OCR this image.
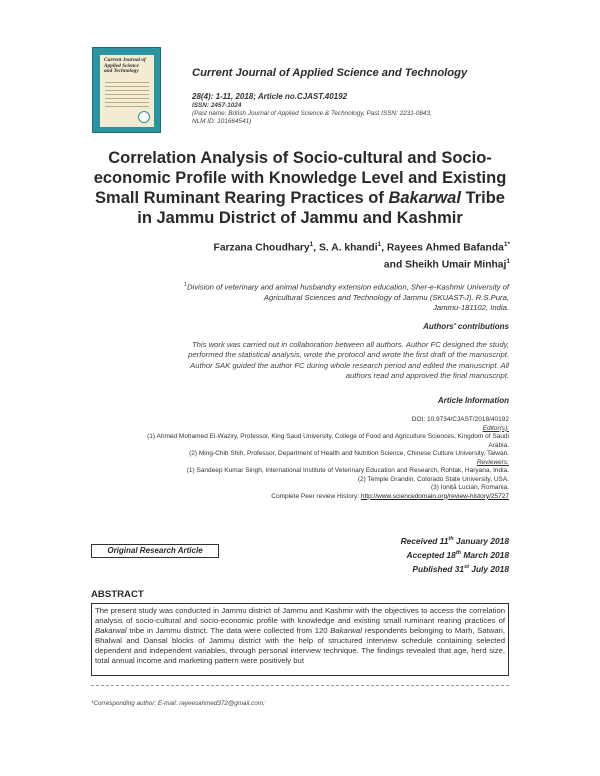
Current Journal of
Applied Science
and Technology	Current Journal of Applied Science and Technology
28(4): 1-11, 2018; Article no.CJAST.40192
ISSN: 2457-1024
(Past name: British Journal of Applied Science & Technology, Past ISSN: 2231-0843,
NLM ID: 101664541)
Correlation Analysis of Socio-cultural and Socio-
economic Profile with Knowledge Level and Existing
Small Ruminant Rearing Practices of Bakarwal Tribe
in Jammu District of Jammu and Kashmir
Farzana Choudhary$^1$, S. A. khandi$^1$, Rayees Ahmed Bafanda$^{1*}$
and Sheikh Umair Minhaj$^1$
$^1$Division of veterinary and animal husbandry extension education, Sher-e-Kashmir University of
Agricultural Sciences and Technology of Jammu (SKUAST-J), R.S.Pura,
Jammu-181102, India.
Authors' contributions
This work was carried out in collaboration between all authors. Author FC designed the study,
performed the statistical analysis, wrote the protocol and wrote the first draft of the manuscript.
Author SAK guided the author FC during whole research period and edited the manuscript. All
authors read and approved the final manuscript.
Article Information
DOI: 10.9734/CJAST/2018/40192
Editor(s):
(1) Ahmed Mohamed El-Waziry, Professor, King Saud University, College of Food and Agriculture Sciences, Kingdom of Saudi
Arabia.
(2) Ming-Chih Shih, Professor, Department of Health and Nutrition Science, Chinese Culture University, Taiwan.
Reviewers:
(1) Sandeep Kumar Singh, International Institute of Veterinary Education and Research, Rohtak, Haryana, India.
(2) Temple Grandin, Colorado State University, USA.
(3) Ioniță Lucian, Romania.
Complete Peer review History: http://www.sciencedomain.org/review-history/25727
Original Research Article
Received 11th January 2018
Accepted 18th March 2018
Published 31st July 2018
ABSTRACT
The present study was conducted in Jammu district of Jammu and Kashmir with the objectives to access the correlation analysis of socio-cultural and socio-economic profile with knowledge and existing small ruminant rearing practices of Bakarwal tribe in Jammu district. The data were collected from 120 Bakarwal respondents belonging to Marh, Satwari, Bhalwal and Dansal blocks of Jammu district with the help of structured interview schedule containing selected dependent and independent variables, through personal interview technique. The findings revealed that age, herd size, total annual income and marketing pattern were positively but
*Corresponding author: E-mail: rayeesahmed372@gmail.com;
